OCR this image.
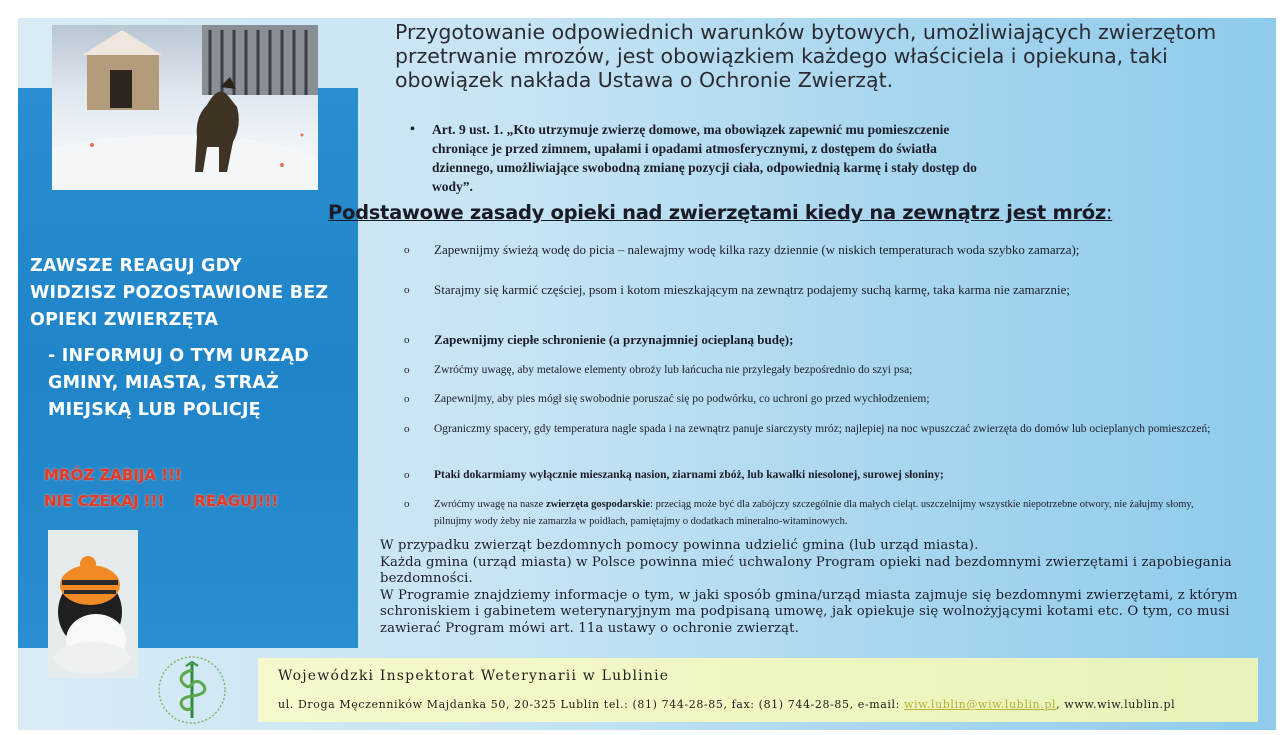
ZAWSZE REAGUJ GDY WIDZISZ POZOSTAWIONE BEZ OPIEKI ZWIERZĘTA
- INFORMUJ O TYM URZĄD GMINY, MIASTA, STRAŻ MIEJSKĄ LUB POLICJĘ
MRÓZ ZABIJA !!!
NIE CZEKAJ !!! REAGUJ!!!
Przygotowanie odpowiednich warunków bytowych, umożliwiających zwierzętom przetrwanie mrozów, jest obowiązkiem każdego właściciela i opiekuna, taki obowiązek nakłada Ustawa o Ochronie Zwierząt.
• Art. 9 ust. 1. „Kto utrzymuje zwierzę domowe, ma obowiązek zapewnić mu pomieszczenie chroniące je przed zimnem, upałami i opadami atmosferycznymi, z dostępem do światła dziennego, umożliwiające swobodną zmianę pozycji ciała, odpowiednią karmę i stały dostęp do wody”.
Podstawowe zasady opieki nad zwierzętami kiedy na zewnątrz jest mróz:
o Zapewnijmy świeżą wodę do picia – nalewajmy wodę kilka razy dziennie (w niskich temperaturach woda szybko zamarza);
o Starajmy się karmić częściej, psom i kotom mieszkającym na zewnątrz podajemy suchą karmę, taka karma nie zamarznie;
o Zapewnijmy ciepłe schronienie (a przynajmniej ocieplaną budę);
o Zwróćmy uwagę, aby metalowe elementy obroży lub łańcucha nie przylegały bezpośrednio do szyi psa;
o Zapewnijmy, aby pies mógł się swobodnie poruszać się po podwórku, co uchroni go przed wychłodzeniem;
o Ograniczmy spacery, gdy temperatura nagle spada i na zewnątrz panuje siarczysty mróz; najlepiej na noc wpuszczać zwierzęta do domów lub ocieplanych pomieszczeń;
o Ptaki dokarmiamy wyłącznie mieszanką nasion, ziarnami zbóż, lub kawałki niesolonej, surowej słoniny;
o Zwróćmy uwagę na nasze zwierzęta gospodarskie: przeciąg może być dla zabójczy szczególnie dla małych cieląt. uszczelnijmy wszystkie niepotrzebne otwory, nie żałujmy słomy, pilnujmy wody żeby nie zamarzła w poidłach, pamiętajmy o dodatkach mineralno-witaminowych.
W przypadku zwierząt bezdomnych pomocy powinna udzielić gmina (lub urząd miasta).
Każda gmina (urząd miasta) w Polsce powinna mieć uchwalony Program opieki nad bezdomnymi zwierzętami i zapobiegania bezdomności.
W Programie znajdziemy informacje o tym, w jaki sposób gmina/urząd miasta zajmuje się bezdomnymi zwierzętami, z którym schroniskiem i gabinetem weterynaryjnym ma podpisaną umowę, jak opiekuje się wolnożyjącymi kotami etc. O tym, co musi zawierać Program mówi art. 11a ustawy o ochronie zwierząt.
Wojewódzki Inspektorat Weterynarii w Lublinie
ul. Droga Męczenników Majdanka 50, 20-325 Lublin tel.: (81) 744-28-85, fax: (81) 744-28-85, e-mail: wiw.lublin@wiw.lublin.pl, www.wiw.lublin.pl
